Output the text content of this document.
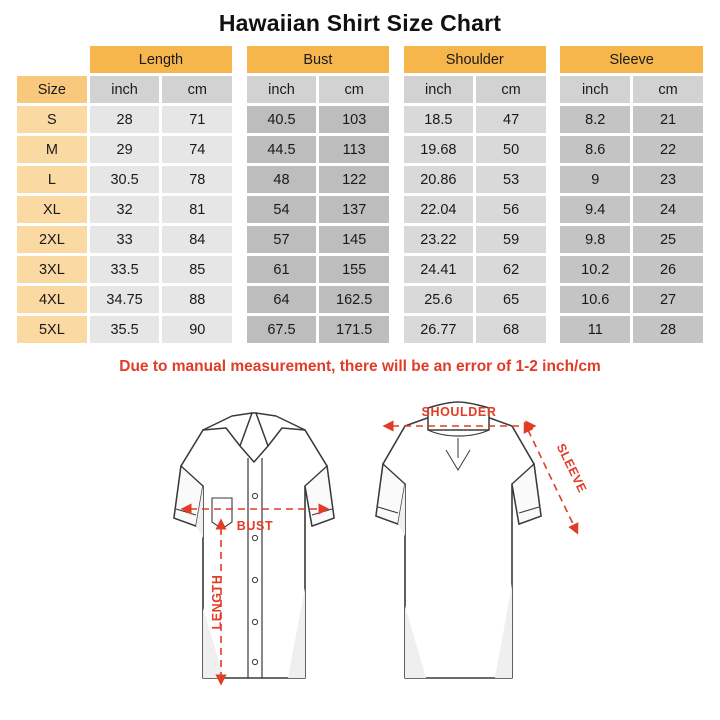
Hawaiian Shirt Size Chart
	Length			Bust			Shoulder			Sleeve	
Size	inch	cm		inch	cm		inch	cm		inch	cm
S	28	71		40.5	103		18.5	47		8.2	21
M	29	74		44.5	113		19.68	50		8.6	22
L	30.5	78		48	122		20.86	53		9	23
XL	32	81		54	137		22.04	56		9.4	24
2XL	33	84		57	145		23.22	59		9.8	25
3XL	33.5	85		61	155		24.41	62		10.2	26
4XL	34.75	88		64	162.5		25.6	65		10.6	27
5XL	35.5	90		67.5	171.5		26.77	68		11	28
Due to manual measurement, there will be an error of 1-2 inch/cm
BUST
LENGTH
SHOULDER
SLEEVE
